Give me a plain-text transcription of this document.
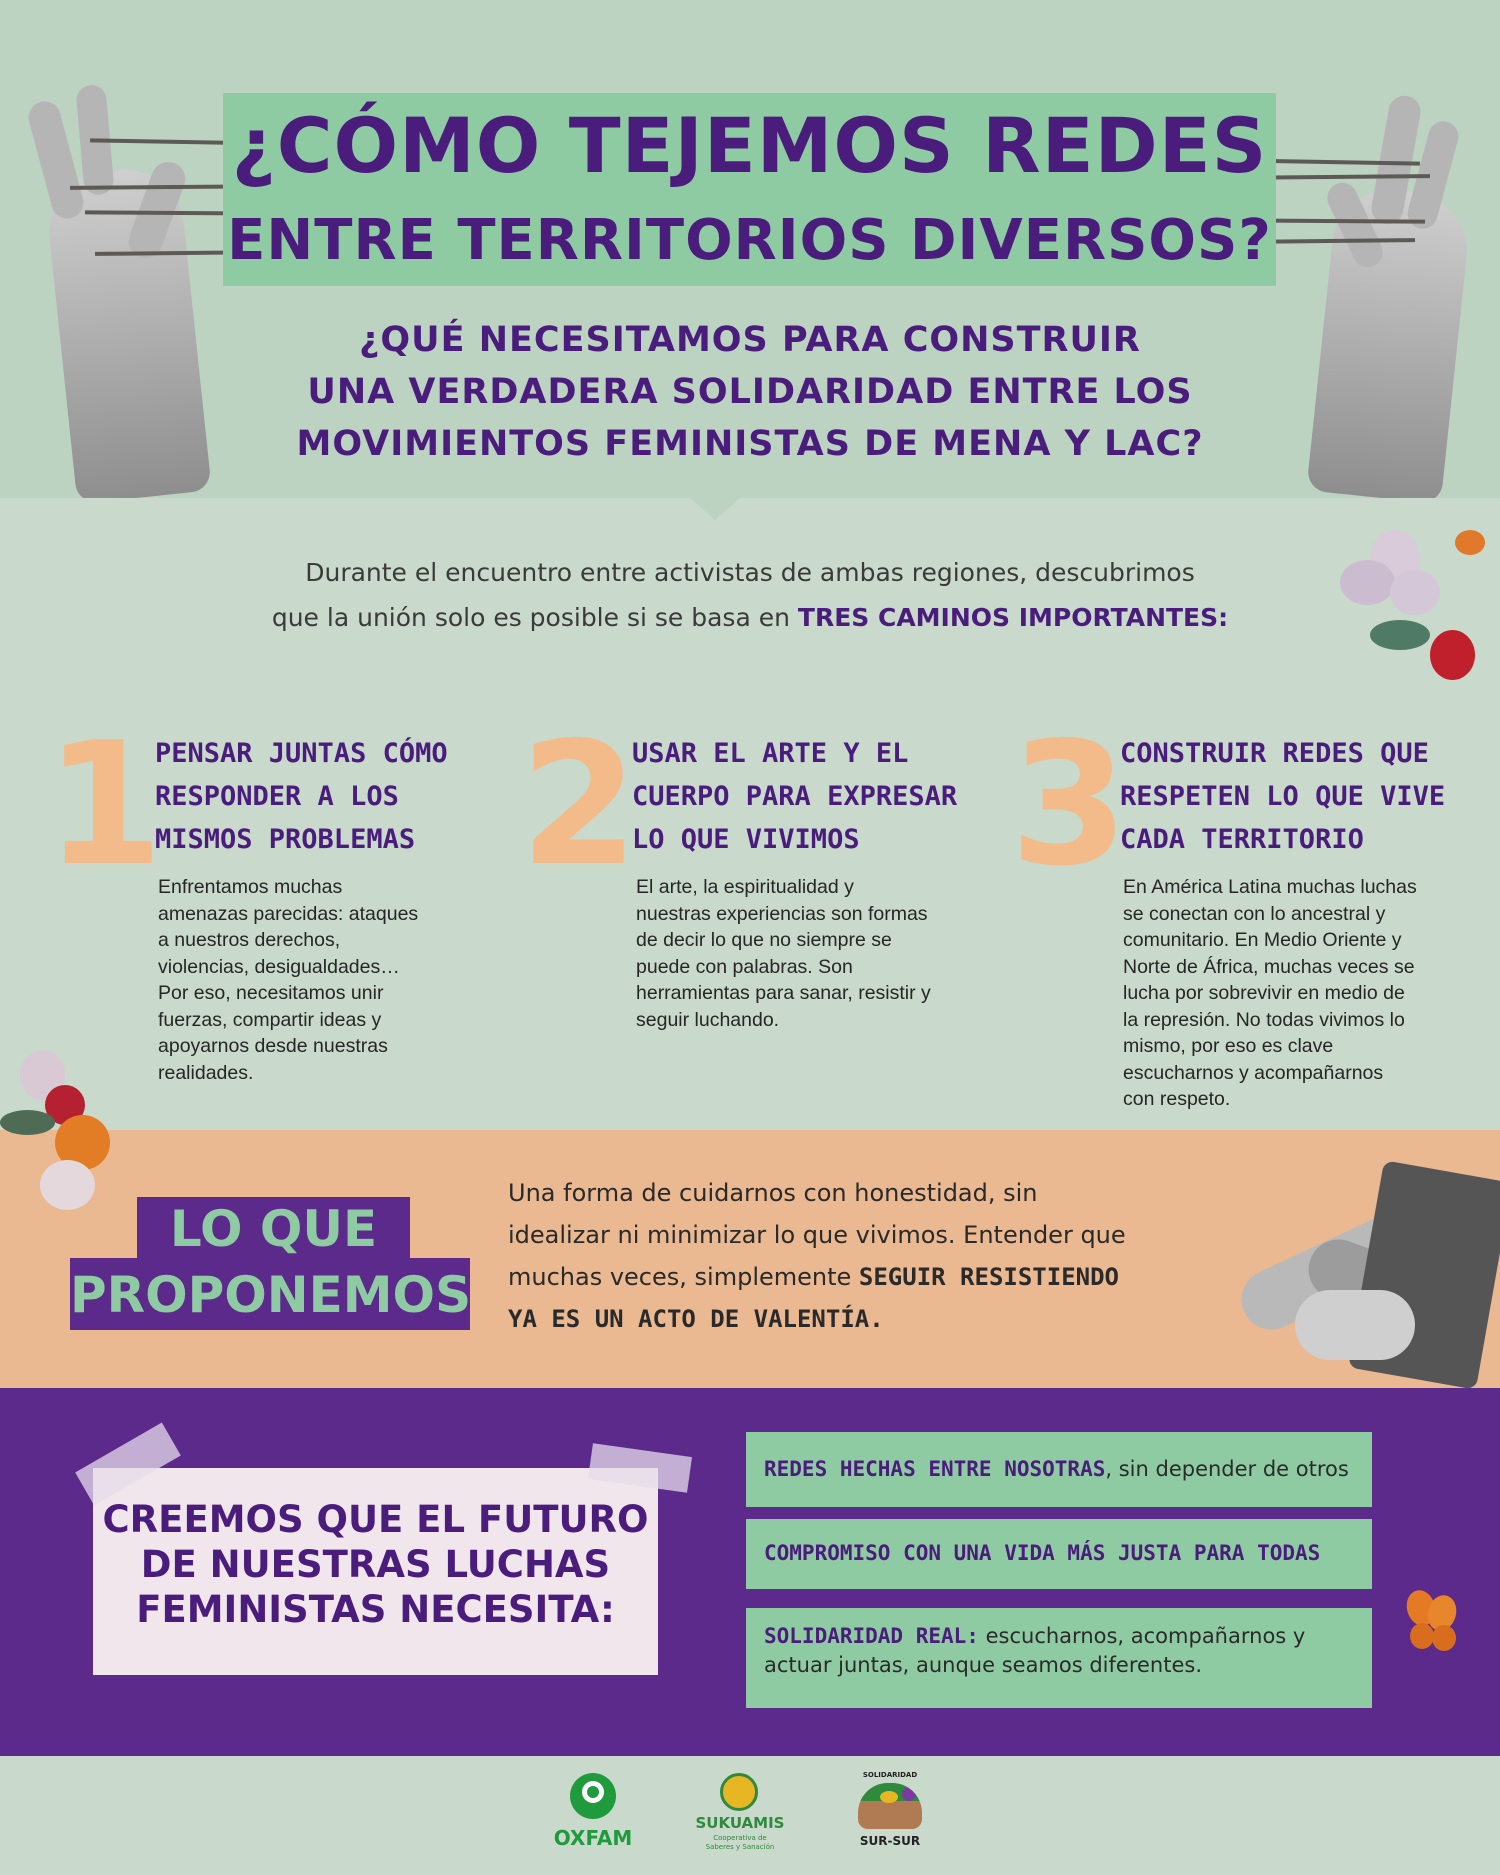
¿CÓMO TEJEMOS REDES
ENTRE TERRITORIOS DIVERSOS?
¿QUÉ NECESITAMOS PARA CONSTRUIR
UNA VERDADERA SOLIDARIDAD ENTRE LOS
MOVIMIENTOS FEMINISTAS DE MENA Y LAC?
Durante el encuentro entre activistas de ambas regiones, descubrimos
que la unión solo es posible si se basa en TRES CAMINOS IMPORTANTES:
1
PENSAR JUNTAS CÓMO
RESPONDER A LOS
MISMOS PROBLEMAS
Enfrentamos muchas
amenazas parecidas: ataques
a nuestros derechos,
violencias, desigualdades…
Por eso, necesitamos unir
fuerzas, compartir ideas y
apoyarnos desde nuestras
realidades.
2
USAR EL ARTE Y EL
CUERPO PARA EXPRESAR
LO QUE VIVIMOS
El arte, la espiritualidad y
nuestras experiencias son formas
de decir lo que no siempre se
puede con palabras. Son
herramientas para sanar, resistir y
seguir luchando.
3
CONSTRUIR REDES QUE
RESPETEN LO QUE VIVE
CADA TERRITORIO
En América Latina muchas luchas
se conectan con lo ancestral y
comunitario. En Medio Oriente y
Norte de África, muchas veces se
lucha por sobrevivir en medio de
la represión. No todas vivimos lo
mismo, por eso es clave
escucharnos y acompañarnos
con respeto.
LO QUE
PROPONEMOS
Una forma de cuidarnos con honestidad, sin
idealizar ni minimizar lo que vivimos. Entender que
muchas veces, simplemente SEGUIR RESISTIENDO
YA ES UN ACTO DE VALENTÍA.
CREEMOS QUE EL FUTURO
DE NUESTRAS LUCHAS
FEMINISTAS NECESITA:
REDES HECHAS ENTRE NOSOTRAS, sin depender de otros
COMPROMISO CON UNA VIDA MÁS JUSTA PARA TODAS
SOLIDARIDAD REAL: escucharnos, acompañarnos y
actuar juntas, aunque seamos diferentes.
OXFAM
SUKUAMIS
Cooperativa de
Saberes y Sanación
SOLIDARIDAD
SUR-SUR
